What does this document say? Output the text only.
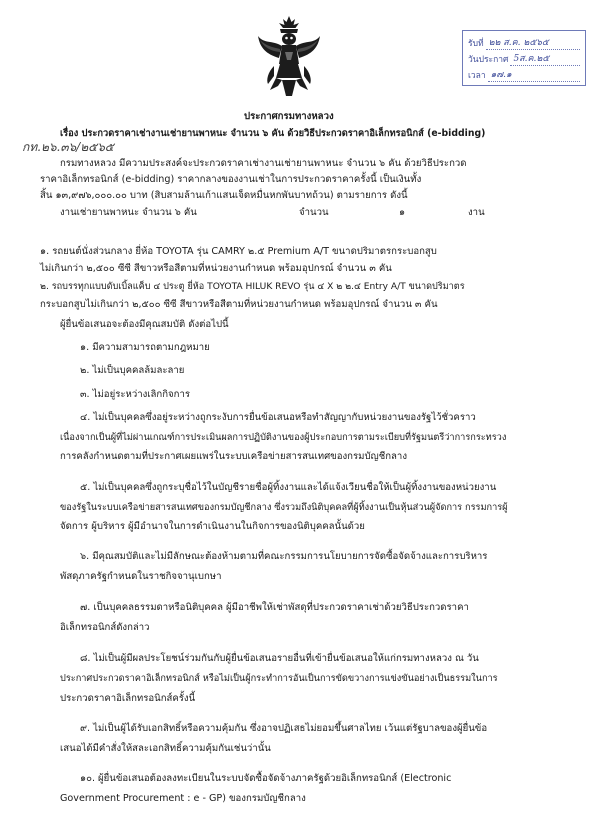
รับที่ ๒๒ ส.ค. ๒๕๖๕
วันประกาศ 5ส.ค.๒๕
เวลา ๑๗.๑
ประกาศกรมทางหลวง
เรื่อง ประกวดราคาเช่างานเช่ายานพาหนะ จำนวน ๖ คัน ด้วยวิธีประกวดราคาอิเล็กทรอนิกส์ (e-bidding)
กท.๒๖.๓๖/๒๕๖๕
กรมทางหลวง มีความประสงค์จะประกวดราคาเช่างานเช่ายานพาหนะ จำนวน ๖ คัน ด้วยวิธีประกวด
ราคาอิเล็กทรอนิกส์ (e-bidding) ราคากลางของงานเช่าในการประกวดราคาครั้งนี้ เป็นเงินทั้ง
สิ้น ๑๓,๙๗๖,๐๐๐.๐๐ บาท (สิบสามล้านเก้าแสนเจ็ดหมื่นหกพันบาทถ้วน) ตามรายการ ดังนี้
งานเช่ายานพาหนะ จำนวน ๖ คัน	จำนวน	๑	งาน
๑. รถยนต์นั่งส่วนกลาง ยี่ห้อ TOYOTA รุ่น CAMRY ๒.๕ Premium A/T ขนาดปริมาตรกระบอกสูบ
ไม่เกินกว่า ๒,๕๐๐ ซีซี สีขาวหรือสีตามที่หน่วยงานกำหนด พร้อมอุปกรณ์ จำนวน ๓ คัน
๒. รถบรรทุกแบบดับเบิ้ลแค็บ ๔ ประตู ยี่ห้อ TOYOTA HILUK REVO รุ่น ๔ X ๒ ๒.๔ Entry A/T ขนาดปริมาตร
กระบอกสูบไม่เกินกว่า ๒,๕๐๐ ซีซี สีขาวหรือสีตามที่หน่วยงานกำหนด พร้อมอุปกรณ์ จำนวน ๓ คัน
ผู้ยื่นข้อเสนอจะต้องมีคุณสมบัติ ดังต่อไปนี้
๑. มีความสามารถตามกฎหมาย
๒. ไม่เป็นบุคคลล้มละลาย
๓. ไม่อยู่ระหว่างเลิกกิจการ
๔. ไม่เป็นบุคคลซึ่งอยู่ระหว่างถูกระงับการยื่นข้อเสนอหรือทำสัญญากับหน่วยงานของรัฐไว้ชั่วคราว
เนื่องจากเป็นผู้ที่ไม่ผ่านเกณฑ์การประเมินผลการปฏิบัติงานของผู้ประกอบการตามระเบียบที่รัฐมนตรีว่าการกระทรวง
การคลังกำหนดตามที่ประกาศเผยแพร่ในระบบเครือข่ายสารสนเทศของกรมบัญชีกลาง
๕. ไม่เป็นบุคคลซึ่งถูกระบุชื่อไว้ในบัญชีรายชื่อผู้ทิ้งงานและได้แจ้งเวียนชื่อให้เป็นผู้ทิ้งงานของหน่วยงาน
ของรัฐในระบบเครือข่ายสารสนเทศของกรมบัญชีกลาง ซึ่งรวมถึงนิติบุคคลที่ผู้ทิ้งงานเป็นหุ้นส่วนผู้จัดการ กรรมการผู้
จัดการ ผู้บริหาร ผู้มีอำนาจในการดำเนินงานในกิจการของนิติบุคคลนั้นด้วย
๖. มีคุณสมบัติและไม่มีลักษณะต้องห้ามตามที่คณะกรรมการนโยบายการจัดซื้อจัดจ้างและการบริหาร
พัสดุภาครัฐกำหนดในราชกิจจานุเบกษา
๗. เป็นบุคคลธรรมดาหรือนิติบุคคล ผู้มีอาชีพให้เช่าพัสดุที่ประกวดราคาเช่าด้วยวิธีประกวดราคา
อิเล็กทรอนิกส์ดังกล่าว
๘. ไม่เป็นผู้มีผลประโยชน์ร่วมกันกับผู้ยื่นข้อเสนอรายอื่นที่เข้ายื่นข้อเสนอให้แก่กรมทางหลวง ณ วัน
ประกาศประกวดราคาอิเล็กทรอนิกส์ หรือไม่เป็นผู้กระทำการอันเป็นการขัดขวางการแข่งขันอย่างเป็นธรรมในการ
ประกวดราคาอิเล็กทรอนิกส์ครั้งนี้
๙. ไม่เป็นผู้ได้รับเอกสิทธิ์หรือความคุ้มกัน ซึ่งอาจปฏิเสธไม่ยอมขึ้นศาลไทย เว้นแต่รัฐบาลของผู้ยื่นข้อ
เสนอได้มีคำสั่งให้สละเอกสิทธิ์ความคุ้มกันเช่นว่านั้น
๑๐. ผู้ยื่นข้อเสนอต้องลงทะเบียนในระบบจัดซื้อจัดจ้างภาครัฐด้วยอิเล็กทรอนิกส์ (Electronic
Government Procurement : e - GP) ของกรมบัญชีกลาง
